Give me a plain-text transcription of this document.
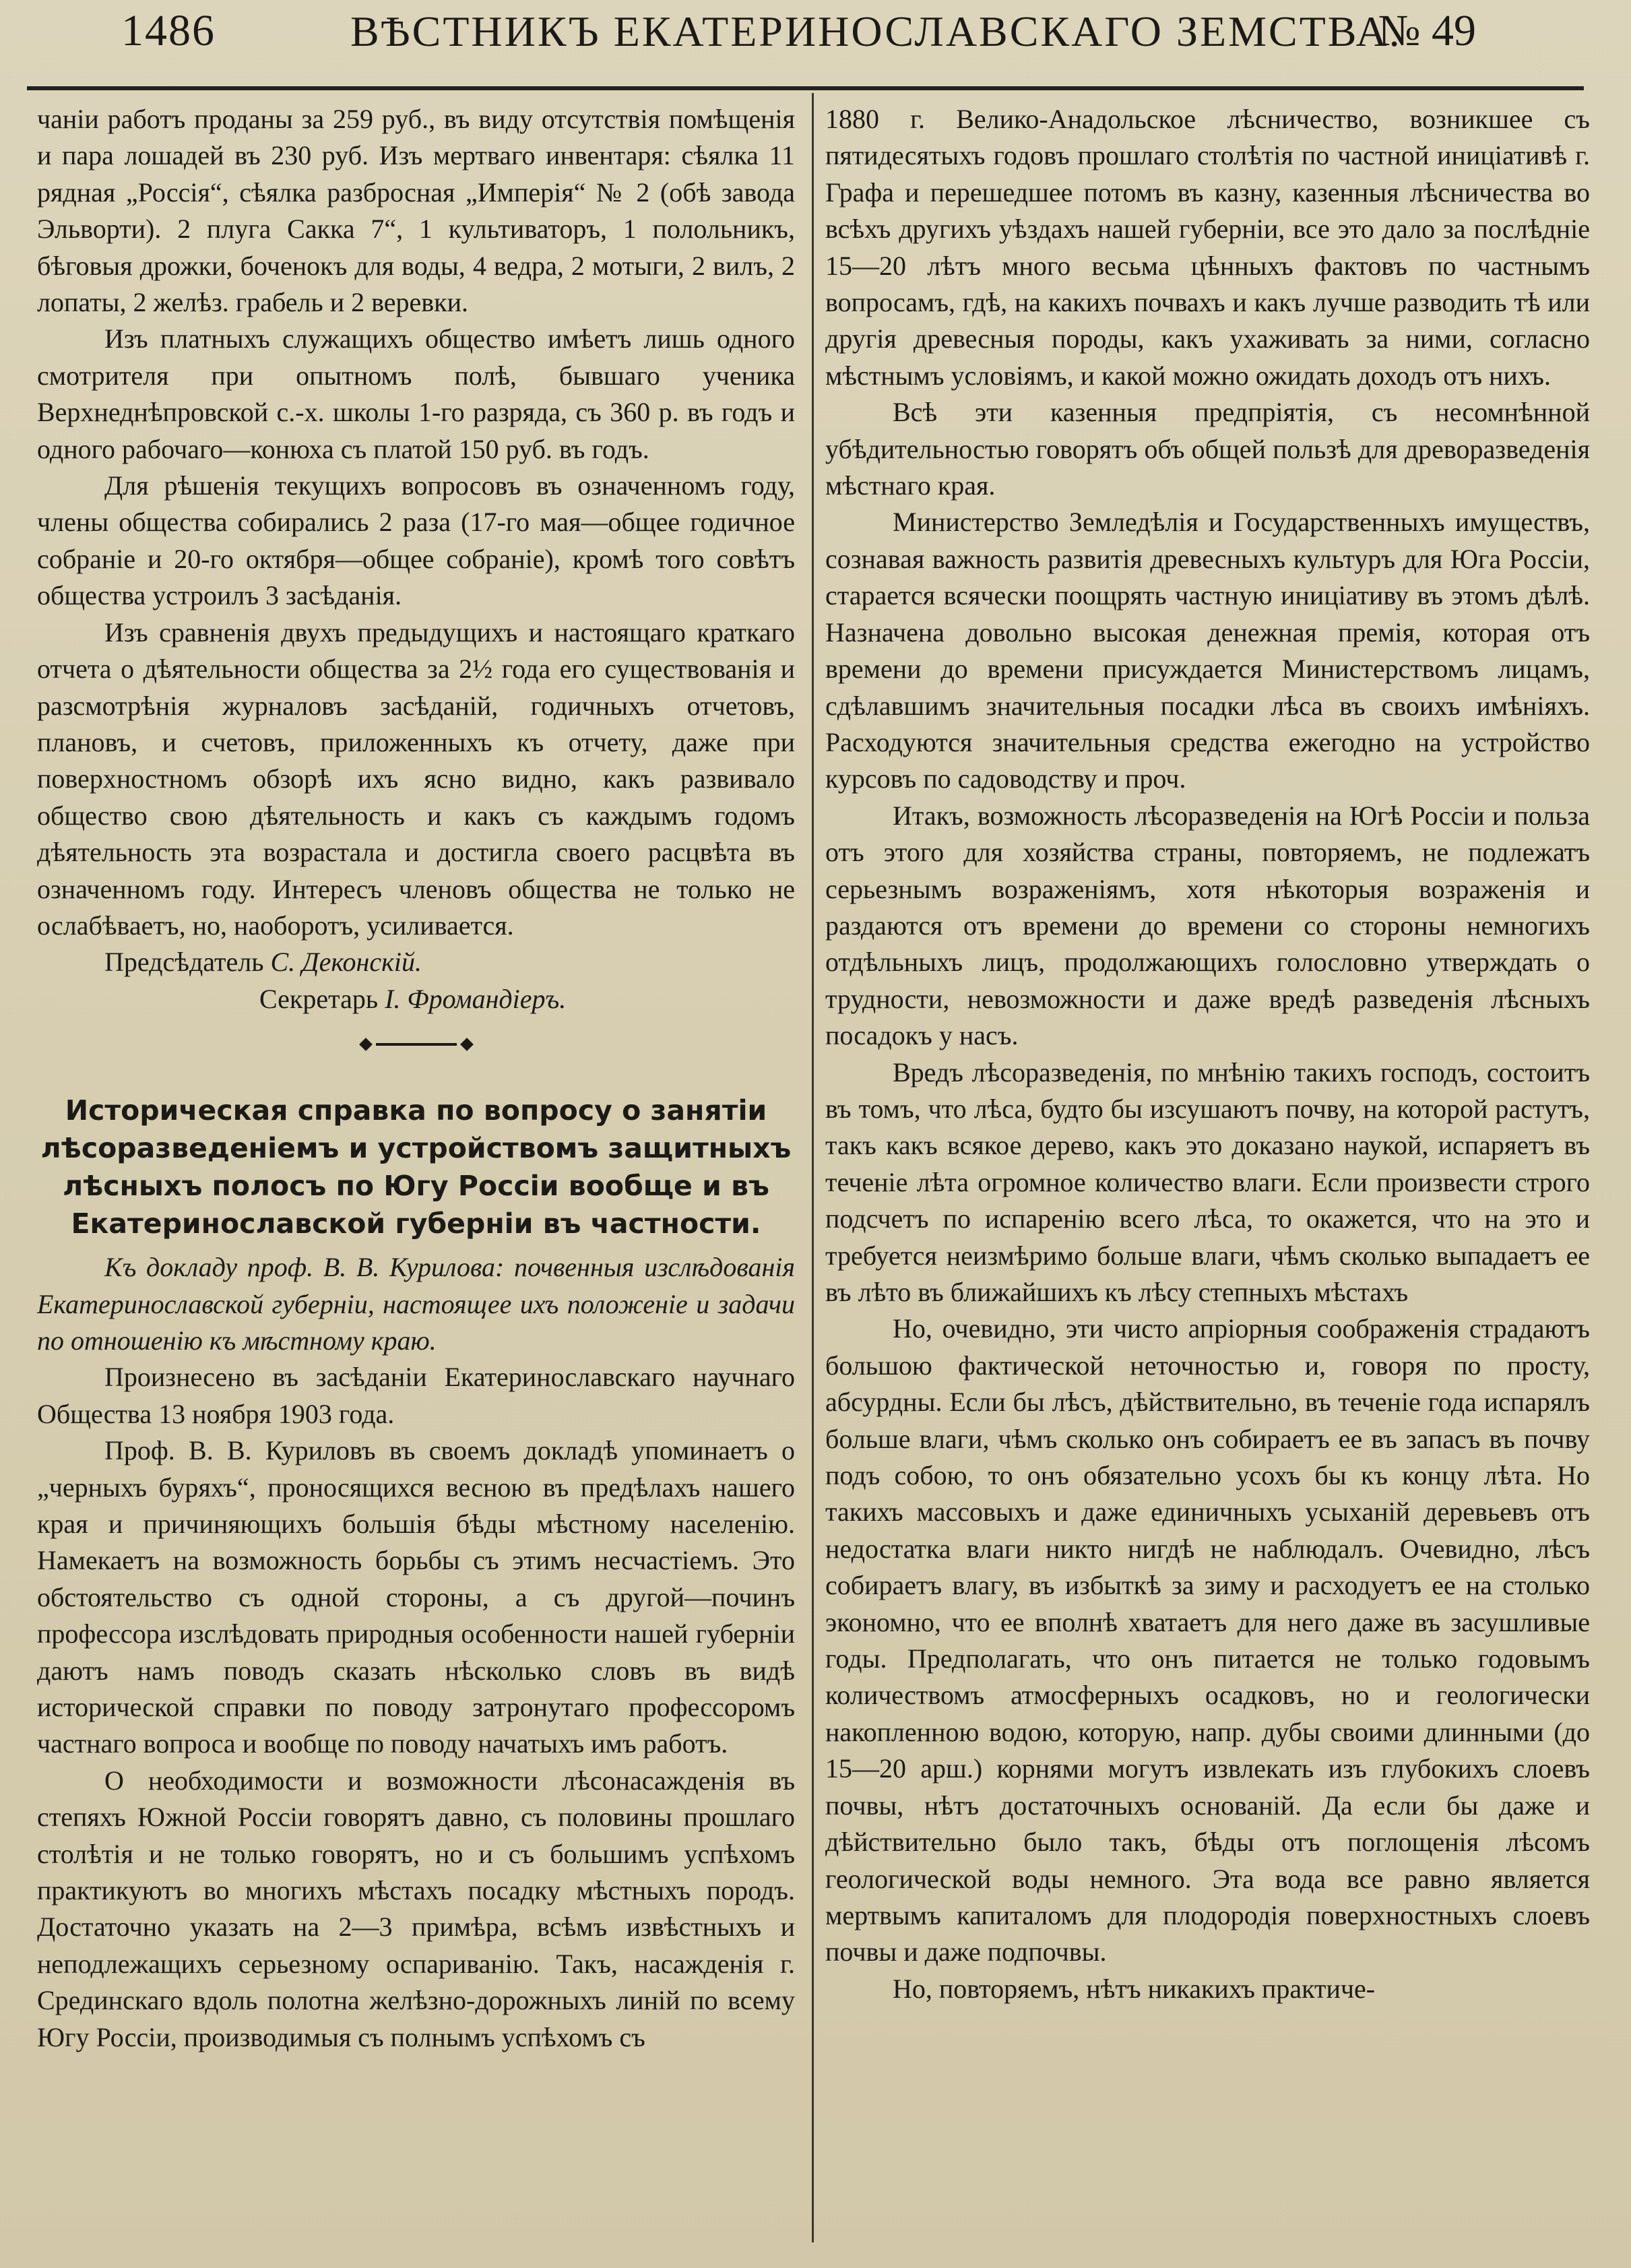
1486	ВѢСТНИКЪ ЕКАТЕРИНОСЛАВСКАГО ЗЕМСТВА.
№ 49

чаніи работъ проданы за 259 руб., въ виду отсутствія помѣщенія и пара лошадей въ 230 руб. Изъ мертваго инвентаря: сѣялка 11 рядная „Россія“, сѣялка разбросная „Имперія“ № 2 (обѣ завода Эльворти). 2 плуга Сакка 7“, 1 культиваторъ, 1 полольникъ, бѣговыя дрожки, боченокъ для воды, 4 ведра, 2 мотыги, 2 вилъ, 2 лопаты, 2 желѣз. грабель и 2 веревки.

Изъ платныхъ служащихъ общество имѣетъ лишь одного смотрителя при опытномъ полѣ, бывшаго ученика Верхнеднѣпровской с.-х. школы 1-го разряда, съ 360 р. въ годъ и одного рабочаго—конюха съ платой 150 руб. въ годъ.

Для рѣшенія текущихъ вопросовъ въ означенномъ году, члены общества собирались 2 раза (17-го мая—общее годичное собраніе и 20-го октября—общее собраніе), кромѣ того совѣтъ общества устроилъ 3 засѣданія.

Изъ сравненія двухъ предыдущихъ и настоящаго краткаго отчета о дѣятельности общества за 2½ года его существованія и разсмотрѣнія журналовъ засѣданій, годичныхъ отчетовъ, плановъ, и счетовъ, приложенныхъ къ отчету, даже при поверхностномъ обзорѣ ихъ ясно видно, какъ развивало общество свою дѣятельность и какъ съ каждымъ годомъ дѣятельность эта возрастала и достигла своего расцвѣта въ означенномъ году. Интересъ членовъ общества не только не ослабѣваетъ, но, наоборотъ, усиливается.

Предсѣдатель С. Деконскій.
Секретарь І. Фромандіеръ.
Историческая справка по вопросу о занятіи лѣсоразведеніемъ и устройствомъ защитныхъ лѣсныхъ полосъ по Югу Россіи вообще и въ Екатеринославской губерніи въ частности.

Къ докладу проф. В. В. Курилова: почвенныя изслѣдованія Екатеринославской губерніи, настоящее ихъ положеніе и задачи по отношенію къ мѣстному краю.

Произнесено въ засѣданіи Екатеринославскаго научнаго Общества 13 ноября 1903 года.

Проф. В. В. Куриловъ въ своемъ докладѣ упоминаетъ о „черныхъ буряхъ“, проносящихся весною въ предѣлахъ нашего края и причиняющихъ большія бѣды мѣстному населенію. Намекаетъ на возможность борьбы съ этимъ несчастіемъ. Это обстоятельство съ одной стороны, а съ другой—починъ профессора изслѣдовать природныя особенности нашей губерніи даютъ намъ поводъ сказать нѣсколько словъ въ видѣ исторической справки по поводу затронутаго профессоромъ частнаго вопроса и вообще по поводу начатыхъ имъ работъ.

О необходимости и возможности лѣсонасажденія въ степяхъ Южной Россіи говорятъ давно, съ половины прошлаго столѣтія и не только говорятъ, но и съ большимъ успѣхомъ практикуютъ во многихъ мѣстахъ посадку мѣстныхъ породъ. Достаточно указать на 2—3 примѣра, всѣмъ извѣстныхъ и неподлежащихъ серьезному оспариванію. Такъ, насажденія г. Срединскаго вдоль полотна желѣзно-дорожныхъ линій по всему Югу Россіи, производимыя съ полнымъ успѣхомъ съ

1880 г. Велико-Анадольское лѣсничество, возникшее съ пятидесятыхъ годовъ прошлаго столѣтія по частной иниціативѣ г. Графа и перешедшее потомъ въ казну, казенныя лѣсничества во всѣхъ другихъ уѣздахъ нашей губерніи, все это дало за послѣдніе 15—20 лѣтъ много весьма цѣнныхъ фактовъ по частнымъ вопросамъ, гдѣ, на какихъ почвахъ и какъ лучше разводить тѣ или другія древесныя породы, какъ ухаживать за ними, согласно мѣстнымъ условіямъ, и какой можно ожидать доходъ отъ нихъ.

Всѣ эти казенныя предпріятія, съ несомнѣнной убѣдительностью говорятъ объ общей пользѣ для древоразведенія мѣстнаго края.

Министерство Земледѣлія и Государственныхъ имуществъ, сознавая важность развитія древесныхъ культуръ для Юга Россіи, старается всячески поощрять частную иниціативу въ этомъ дѣлѣ. Назначена довольно высокая денежная премія, которая отъ времени до времени присуждается Министерствомъ лицамъ, сдѣлавшимъ значительныя посадки лѣса въ своихъ имѣніяхъ. Расходуются значительныя средства ежегодно на устройство курсовъ по садоводству и проч.

Итакъ, возможность лѣсоразведенія на Югѣ Россіи и польза отъ этого для хозяйства страны, повторяемъ, не подлежатъ серьезнымъ возраженіямъ, хотя нѣкоторыя возраженія и раздаются отъ времени до времени со стороны немногихъ отдѣльныхъ лицъ, продолжающихъ голословно утверждать о трудности, невозможности и даже вредѣ разведенія лѣсныхъ посадокъ у насъ.

Вредъ лѣсоразведенія, по мнѣнію такихъ господъ, состоитъ въ томъ, что лѣса, будто бы изсушаютъ почву, на которой растутъ, такъ какъ всякое дерево, какъ это доказано наукой, испаряетъ въ теченіе лѣта огромное количество влаги. Если произвести строго подсчетъ по испаренію всего лѣса, то окажется, что на это и требуется неизмѣримо больше влаги, чѣмъ сколько выпадаетъ ее въ лѣто въ ближайшихъ къ лѣсу степныхъ мѣстахъ

Но, очевидно, эти чисто апріорныя соображенія страдаютъ большою фактической неточностью и, говоря по просту, абсурдны. Если бы лѣсъ, дѣйствительно, въ теченіе года испарялъ больше влаги, чѣмъ сколько онъ собираетъ ее въ запасъ въ почву подъ собою, то онъ обязательно усохъ бы къ концу лѣта. Но такихъ массовыхъ и даже единичныхъ усыханій деревьевъ отъ недостатка влаги никто нигдѣ не наблюдалъ. Очевидно, лѣсъ собираетъ влагу, въ избыткѣ за зиму и расходуетъ ее на столько экономно, что ее вполнѣ хватаетъ для него даже въ засушливые годы. Предполагать, что онъ питается не только годовымъ количествомъ атмосферныхъ осадковъ, но и геологически накопленною водою, которую, напр. дубы своими длинными (до 15—20 арш.) корнями могутъ извлекать изъ глубокихъ слоевъ почвы, нѣтъ достаточныхъ основаній. Да если бы даже и дѣйствительно было такъ, бѣды отъ поглощенія лѣсомъ геологической воды немного. Эта вода все равно является мертвымъ капиталомъ для плодородія поверхностныхъ слоевъ почвы и даже подпочвы.

Но, повторяемъ, нѣтъ никакихъ практиче-
